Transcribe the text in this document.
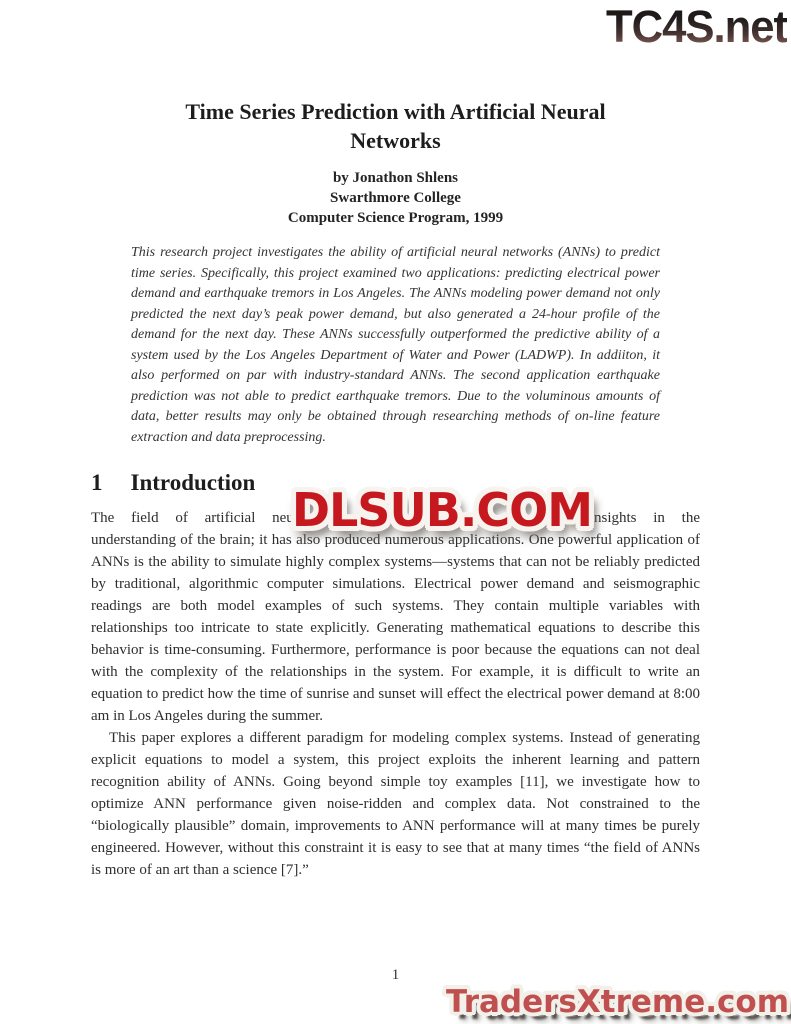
TC4S.net
Time Series Prediction with Artificial Neural
Networks
by Jonathon Shlens
Swarthmore College
Computer Science Program, 1999
This research project investigates the ability of artificial neural networks (ANNs) to predict time series. Specifically, this project examined two applications: predicting electrical power demand and earthquake tremors in Los Angeles. The ANNs modeling power demand not only predicted the next day’s peak power demand, but also generated a 24-hour profile of the demand for the next day. These ANNs successfully outperformed the predictive ability of a system used by the Los Angeles Department of Water and Power (LADWP). In addiiton, it also performed on par with industry-standard ANNs. The second application earthquake prediction was not able to predict earthquake tremors. Due to the voluminous amounts of data, better results may only be obtained through researching methods of on-line feature extraction and data preprocessing.
1 Introduction

The field of artificial neu
DLSUB.COM
insights in the understanding of the brain; it has also produced numerous applications. One powerful application of ANNs is the ability to simulate highly complex systems—systems that can not be reliably predicted by traditional, algorithmic computer simulations. Electrical power demand and seismographic readings are both model examples of such systems. They contain multiple variables with relationships too intricate to state explicitly. Generating mathematical equations to describe this behavior is time-consuming. Furthermore, performance is poor because the equations can not deal with the complexity of the relationships in the system. For example, it is difficult to write an equation to predict how the time of sunrise and sunset will effect the electrical power demand at 8:00 am in Los Angeles during the summer.

This paper explores a different paradigm for modeling complex systems. Instead of generating explicit equations to model a system, this project exploits the inherent learning and pattern recognition ability of ANNs. Going beyond simple toy examples [11], we investigate how to optimize ANN performance given noise-ridden and complex data. Not constrained to the “biologically plausible” domain, improvements to ANN performance will at many times be purely engineered. However, without this constraint it is easy to see that at many times “the field of ANNs is more of an art than a science [7].”

1
TradersXtreme.com
